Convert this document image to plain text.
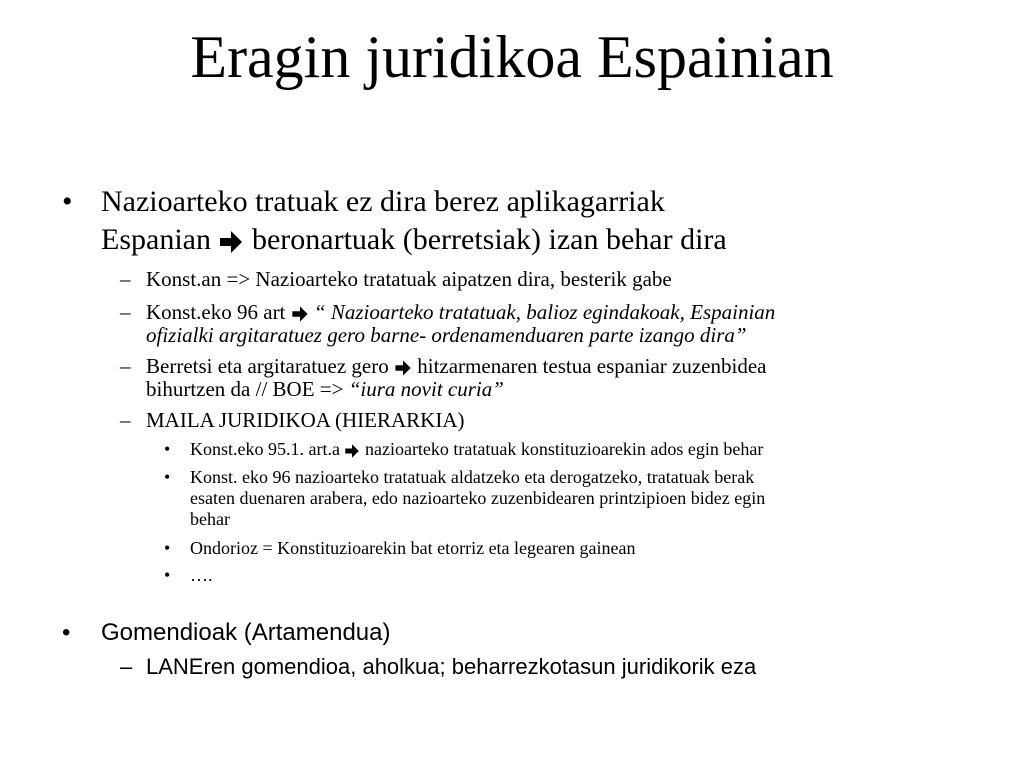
Eragin juridikoa Espainian
• Nazioarteko tratuak ez dira berez aplikagarriak
Espanian beronartuak (berretsiak) izan behar dira
– Konst.an => Nazioarteko tratatuak aipatzen dira, besterik gabe
– Konst.eko 96 art “ Nazioarteko tratatuak, balioz egindakoak, Espainian
ofizialki argitaratuez gero barne- ordenamenduaren parte izango dira”
– Berretsi eta argitaratuez gero hitzarmenaren testua espaniar zuzenbidea
bihurtzen da // BOE => “iura novit curia”
– MAILA JURIDIKOA (HIERARKIA)
• Konst.eko 95.1. art.a nazioarteko tratatuak konstituzioarekin ados egin behar
• Konst. eko 96 nazioarteko tratatuak aldatzeko eta derogatzeko, tratatuak berak
esaten duenaren arabera, edo nazioarteko zuzenbidearen printzipioen bidez egin
behar
• Ondorioz = Konstituzioarekin bat etorriz eta legearen gainean
• ….
• Gomendioak (Artamendua)
– LANEren gomendioa, aholkua; beharrezkotasun juridikorik eza
